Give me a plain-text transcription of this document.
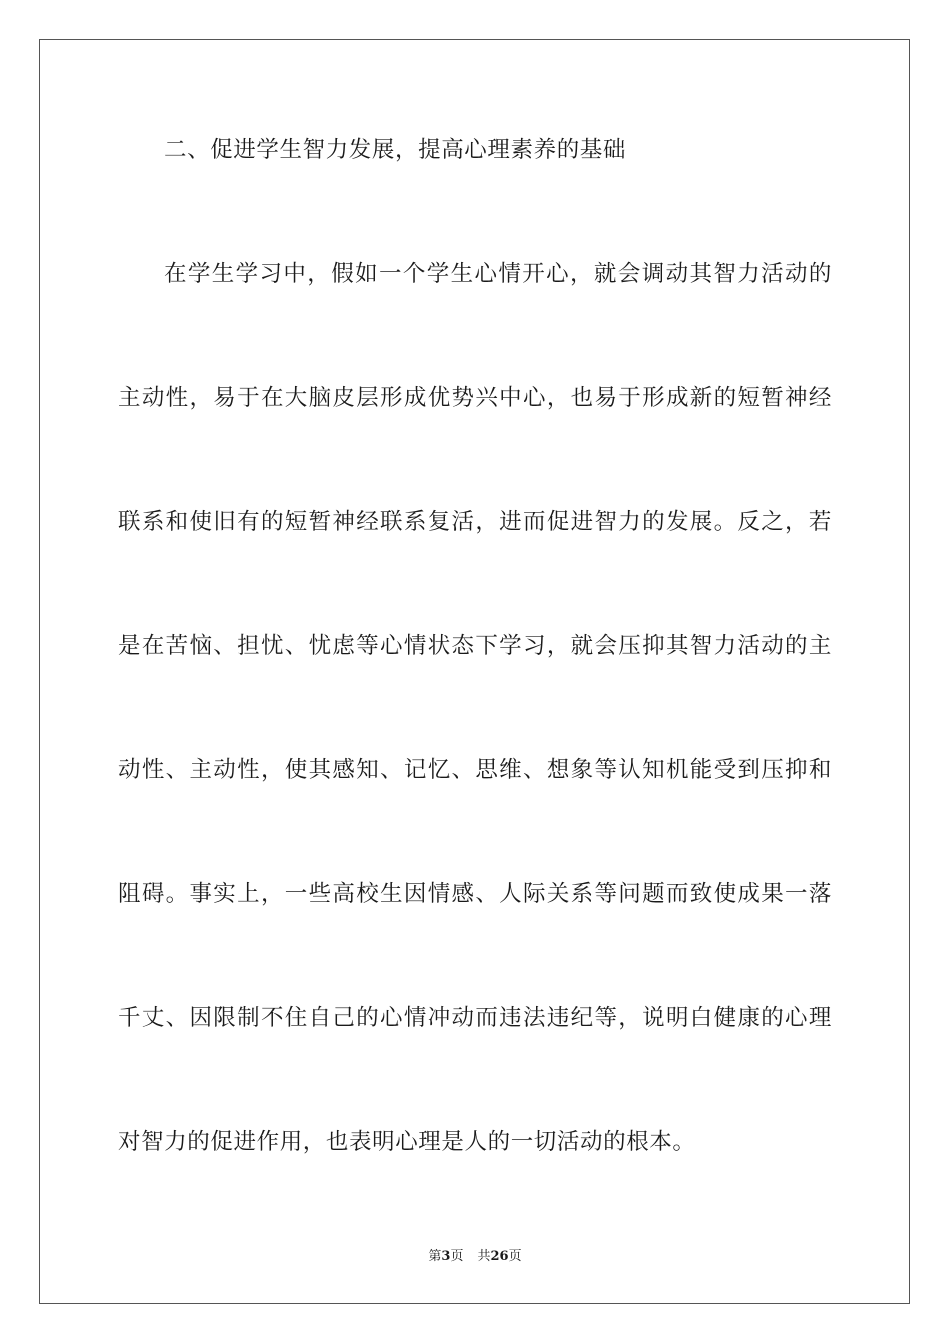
二、促进学生智力发展，提高心理素养的基础
在学生学习中，假如一个学生心情开心，就会调动其智力活动的
主动性，易于在大脑皮层形成优势兴中心，也易于形成新的短暂神经
联系和使旧有的短暂神经联系复活，进而促进智力的发展。反之，若
是在苦恼、担忧、忧虑等心情状态下学习，就会压抑其智力活动的主
动性、主动性，使其感知、记忆、思维、想象等认知机能受到压抑和
阻碍。事实上，一些高校生因情感、人际关系等问题而致使成果一落
千丈、因限制不住自己的心情冲动而违法违纪等，说明白健康的心理
对智力的促进作用，也表明心理是人的一切活动的根本。
第3页 共26页
